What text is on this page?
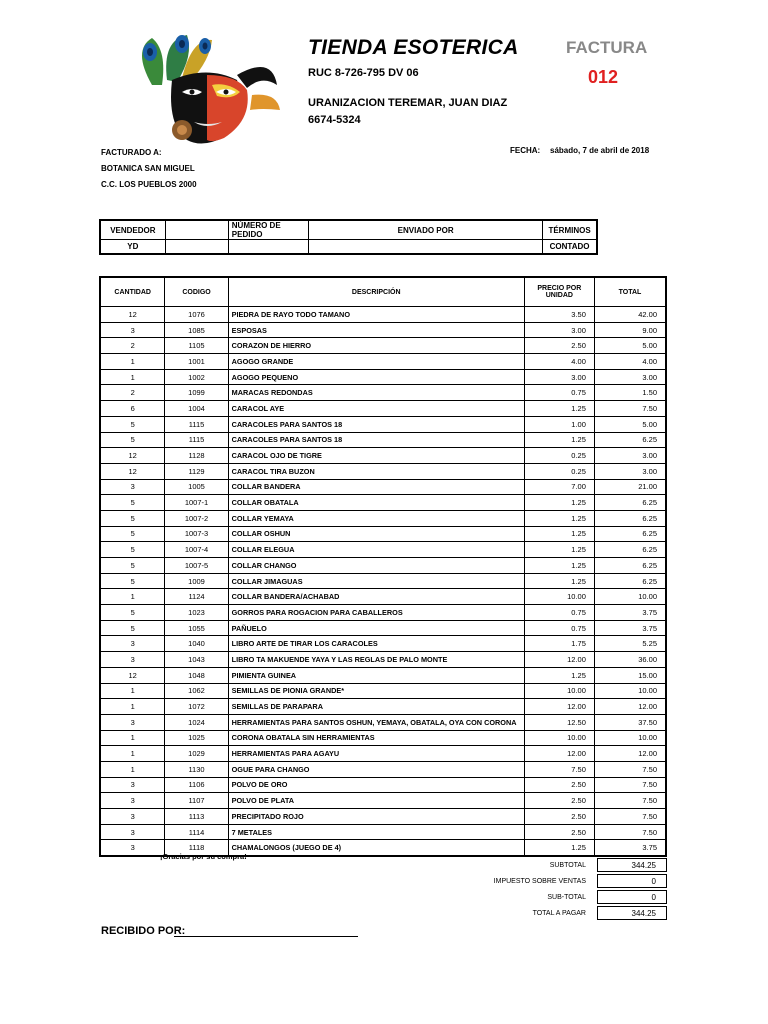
TIENDA ESOTERICA
RUC 8-726-795 DV 06
URANIZACION TEREMAR, JUAN DIAZ
6674-5324
FACTURA
012
FACTURADO A:
BOTANICA SAN MIGUEL
C.C. LOS PUEBLOS 2000
FECHA: sábado, 7 de abril de 2018
VENDEDOR		NÚMERO DE PEDIDO	ENVIADO POR	TÉRMINOS
YD				CONTADO
CANTIDAD	CODIGO	DESCRIPCIÓN	PRECIO POR UNIDAD	TOTAL
12	1076	PIEDRA DE RAYO TODO TAMANO	3.50	42.00
3	1085	ESPOSAS	3.00	9.00
2	1105	CORAZON DE HIERRO	2.50	5.00
1	1001	AGOGO GRANDE	4.00	4.00
1	1002	AGOGO PEQUENO	3.00	3.00
2	1099	MARACAS REDONDAS	0.75	1.50
6	1004	CARACOL AYE	1.25	7.50
5	1115	CARACOLES PARA SANTOS 18	1.00	5.00
5	1115	CARACOLES PARA SANTOS 18	1.25	6.25
12	1128	CARACOL OJO DE TIGRE	0.25	3.00
12	1129	CARACOL TIRA BUZON	0.25	3.00
3	1005	COLLAR BANDERA	7.00	21.00
5	1007-1	COLLAR OBATALA	1.25	6.25
5	1007-2	COLLAR YEMAYA	1.25	6.25
5	1007-3	COLLAR OSHUN	1.25	6.25
5	1007-4	COLLAR ELEGUA	1.25	6.25
5	1007-5	COLLAR CHANGO	1.25	6.25
5	1009	COLLAR JIMAGUAS	1.25	6.25
1	1124	COLLAR BANDERA/ACHABAD	10.00	10.00
5	1023	GORROS PARA ROGACION PARA CABALLEROS	0.75	3.75
5	1055	PAÑUELO	0.75	3.75
3	1040	LIBRO ARTE DE TIRAR LOS CARACOLES	1.75	5.25
3	1043	LIBRO TA MAKUENDE YAYA Y LAS REGLAS DE PALO MONTE	12.00	36.00
12	1048	PIMIENTA GUINEA	1.25	15.00
1	1062	SEMILLAS DE PIONIA GRANDE*	10.00	10.00
1	1072	SEMILLAS DE PARAPARA	12.00	12.00
3	1024	HERRAMIENTAS PARA SANTOS OSHUN, YEMAYA, OBATALA, OYA CON CORONA	12.50	37.50
1	1025	CORONA OBATALA SIN HERRAMIENTAS	10.00	10.00
1	1029	HERRAMIENTAS PARA AGAYU	12.00	12.00
1	1130	OGUE PARA CHANGO	7.50	7.50
3	1106	POLVO DE ORO	2.50	7.50
3	1107	POLVO DE PLATA	2.50	7.50
3	1113	PRECIPITADO ROJO	2.50	7.50
3	1114	7 METALES	2.50	7.50
3	1118	CHAMALONGOS (JUEGO DE 4)	1.25	3.75
¡Gracias por su compra!
SUBTOTAL	344.25
IMPUESTO SOBRE VENTAS	0
SUB-TOTAL	0
TOTAL A PAGAR	344.25
RECIBIDO POR:
